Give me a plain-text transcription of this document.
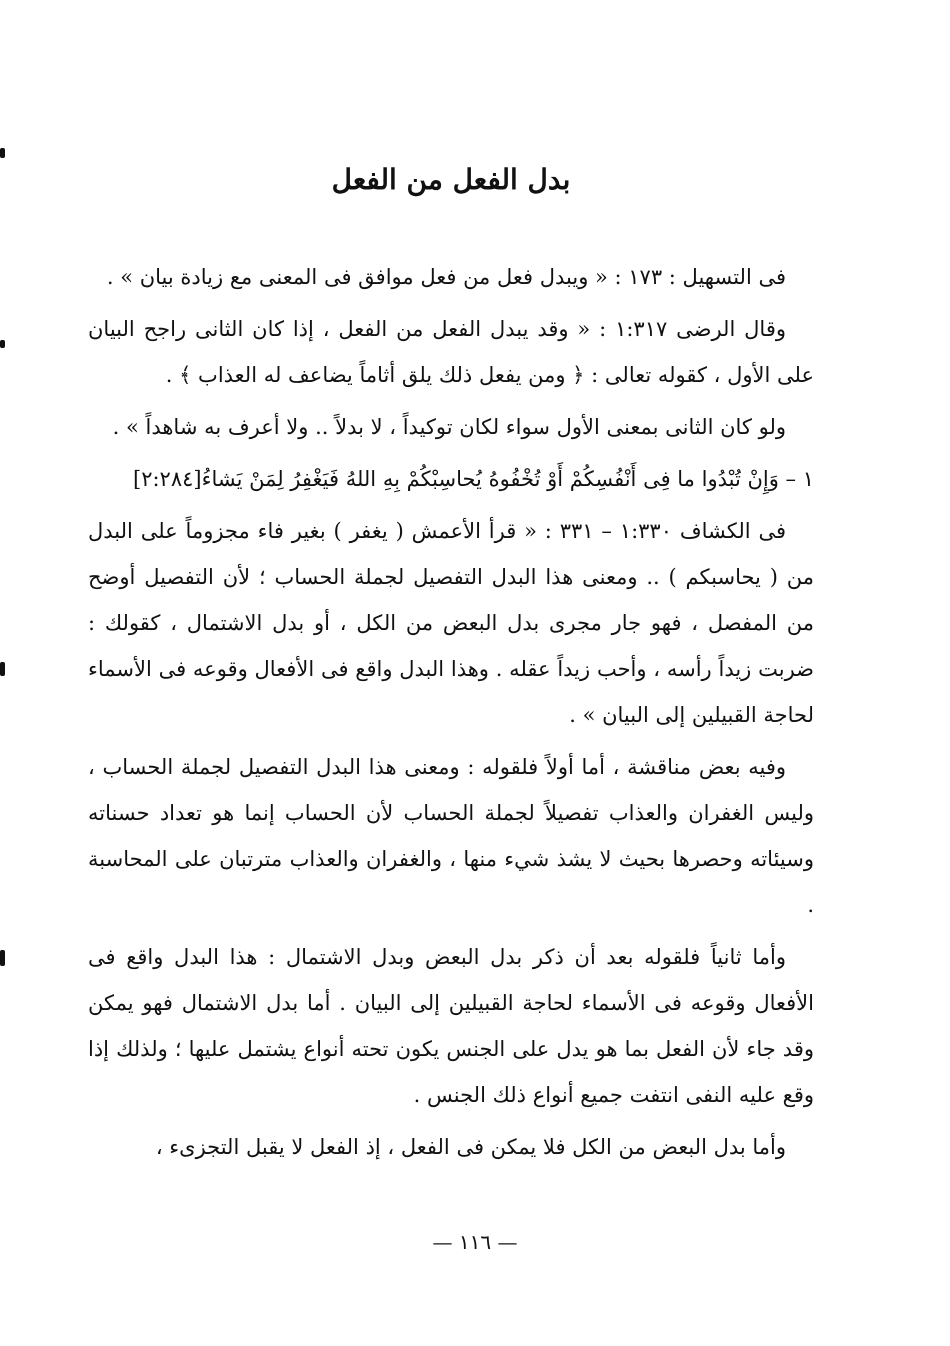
بدل الفعل من الفعل

فى التسهيل : ١٧٣ : « ويبدل فعل من فعل موافق فى المعنى مع زيادة بيان » .

وقال الرضى ١:٣١٧ : « وقد يبدل الفعل من الفعل ، إذا كان الثانى راجح البيان على الأول ، كقوله تعالى : ﴿ ومن يفعل ذلك يلق أثاماً يضاعف له العذاب ﴾ .

ولو كان الثانى بمعنى الأول سواء لكان توكيداً ، لا بدلاً .. ولا أعرف به شاهداً » .

١ – وَإِنْ تُبْدُوا ما فِى أَنْفُسِكُمْ أَوْ تُخْفُوهُ يُحاسِبْكُمْ بِهِ اللهُ فَيَغْفِرُ لِمَنْ يَشاءُ[٢:٢٨٤]

فى الكشاف ١:٣٣٠ – ٣٣١ : « قرأ الأعمش ( يغفر ) بغير فاء مجزوماً على البدل من ( يحاسبكم ) .. ومعنى هذا البدل التفصيل لجملة الحساب ؛ لأن التفصيل أوضح من المفصل ، فهو جار مجرى بدل البعض من الكل ، أو بدل الاشتمال ، كقولك : ضربت زيداً رأسه ، وأحب زيداً عقله . وهذا البدل واقع فى الأفعال وقوعه فى الأسماء لحاجة القبيلين إلى البيان » .

وفيه بعض مناقشة ، أما أولاً فلقوله : ومعنى هذا البدل التفصيل لجملة الحساب ، وليس الغفران والعذاب تفصيلاً لجملة الحساب لأن الحساب إنما هو تعداد حسناته وسيئاته وحصرها بحيث لا يشذ شيء منها ، والغفران والعذاب مترتبان على المحاسبة .

وأما ثانياً فلقوله بعد أن ذكر بدل البعض وبدل الاشتمال : هذا البدل واقع فى الأفعال وقوعه فى الأسماء لحاجة القبيلين إلى البيان . أما بدل الاشتمال فهو يمكن وقد جاء لأن الفعل بما هو يدل على الجنس يكون تحته أنواع يشتمل عليها ؛ ولذلك إذا وقع عليه النفى انتفت جميع أنواع ذلك الجنس .

وأما بدل البعض من الكل فلا يمكن فى الفعل ، إذ الفعل لا يقبل التجزىء ،

— ١١٦ —
